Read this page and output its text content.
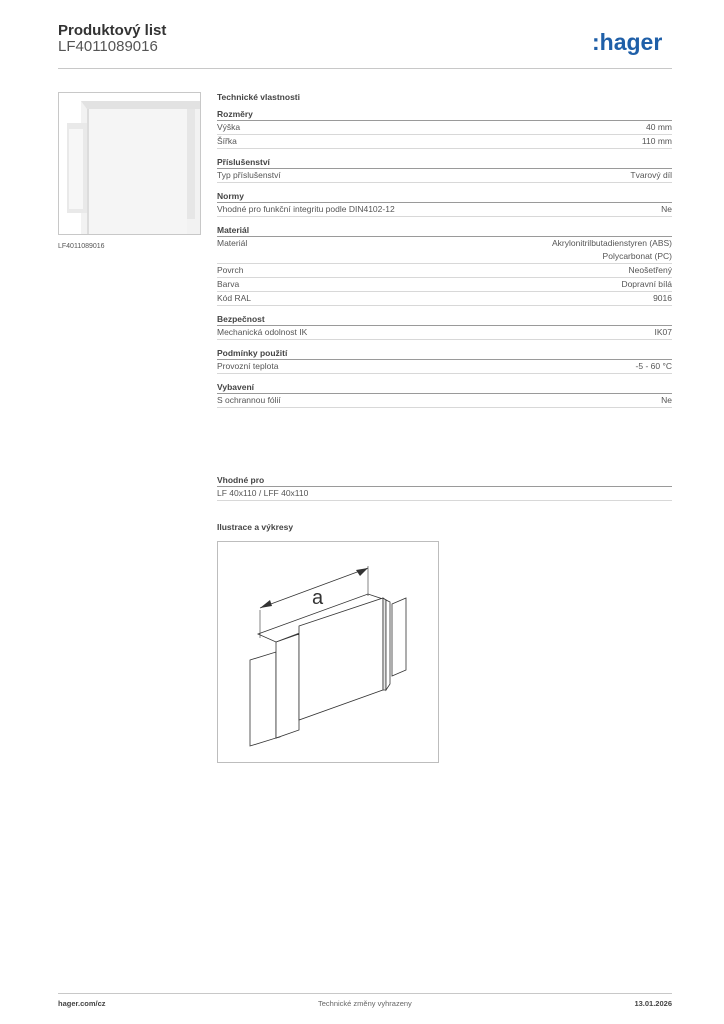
Produktový list
LF4011089016	:hager
LF4011089016
Technické vlastnosti
Rozměry
Výška	40 mm
Šířka	110 mm
Příslušenství
Typ příslušenství	Tvarový díl
Normy
Vhodné pro funkční integritu podle DIN4102-12	Ne
Materiál
Materiál	Akrylonitrilbutadienstyren (ABS)
Polycarbonat (PC)
Povrch	Neošetřený
Barva	Dopravní bílá
Kód RAL	9016
Bezpečnost
Mechanická odolnost IK	IK07
Podmínky použití
Provozní teplota	-5 - 60 °C
Vybavení
S ochrannou fólií	Ne
Vhodné pro
LF 40x110 / LFF 40x110
Ilustrace a výkresy
a
hager.com/cz	Technické změny vyhrazeny	13.01.2026
